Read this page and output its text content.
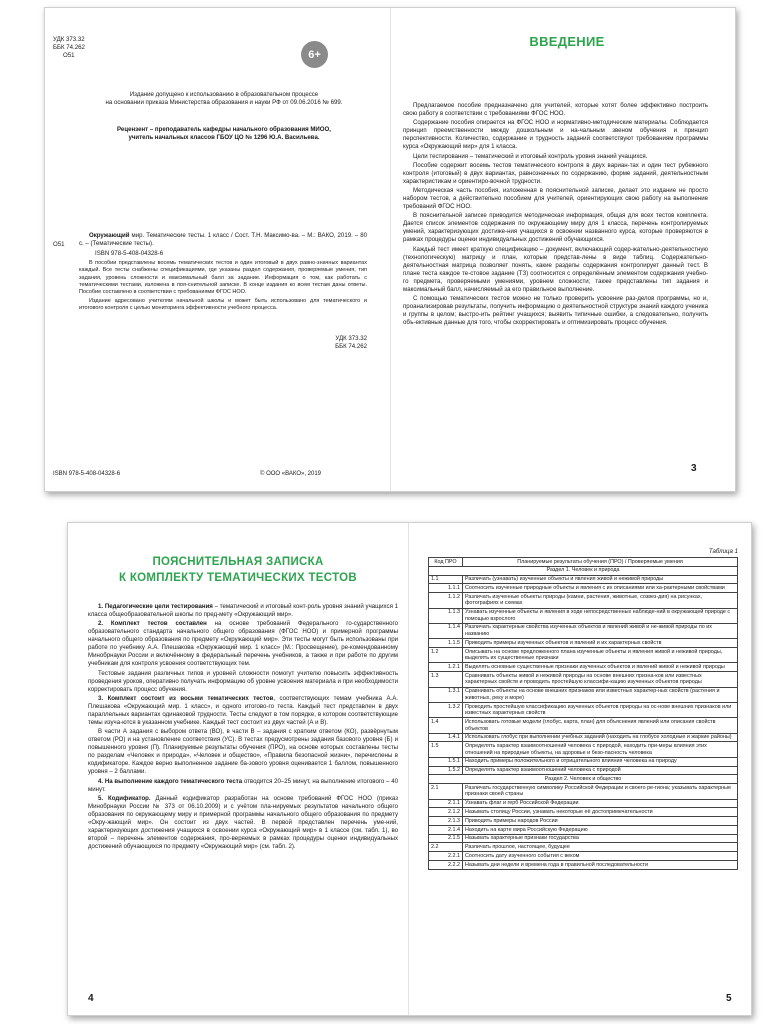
УДК 373.32
ББК 74.262
О51	6+
Издание допущено к использованию в образовательном процессе
на основании приказа Министерства образования и науки РФ от 09.06.2016 № 699.
Рецензент – преподаватель кафедры начального образования МИОО,
учитель начальных классов ГБОУ ЦО № 1296 Ю.А. Васильева.
О51

Окружающий мир. Тематические тесты. 1 класс / Сост. Т.Н. Максимо-ва. – М.: ВАКО, 2019. – 80 с. – (Тематические тесты).

ISBN 978-5-408-04328-6

В пособии представлены восемь тематических тестов и один итоговый в двух равно-значных вариантах каждый. Все тесты снабжены спецификациями, где указаны раздел содержания, проверяемые умения, тип задания, уровень сложности и максимальный балл за задание. Информация о том, как работать с тематическими тестами, изложена в поя-снительной записке. В конце издания ко всем тестам даны ответы. Пособие составлено в соответствии с требованиями ФГОС НОО.

Издание адресовано учителям начальной школы и может быть использовано для тематического и итогового контроля с целью мониторинга эффективности учебного процесса.

УДК 373.32
ББК 74.262
ISBN 978-5-408-04328-6	© ООО «ВАКО», 2019
ВВЕДЕНИЕ

Предлагаемое пособие предназначено для учителей, которые хотят более эффективно построить свою работу в соответствии с требованиями ФГОС НОО.

Содержание пособия опирается на ФГОС НОО и нормативно-методические материалы. Соблюдается принцип преемственности между дошкольным и на-чальным звеном обучения и принцип перспективности. Количество, содержание и трудность заданий соответствуют требованиям программы курса «Окружающий мир» для 1 класса.

Цели тестирования – тематический и итоговый контроль уровня знаний учащихся.

Пособие содержит восемь тестов тематического контроля в двух вариан-тах и один тест рубежного контроля (итоговый) в двух вариантах, равнозначных по содержанию, форме заданий, деятельностным характеристикам и ориентиро-вочной трудности.

Методическая часть пособия, изложенная в пояснительной записке, делает это издание не просто набором тестов, а действительно пособием для учителей, ориентирующих свою работу на выполнение требований ФГОС НОО.

В пояснительной записке приводится методическая информация, общая для всех тестов комплекта. Дается список элементов содержания по окружающему миру для 1 класса, перечень контролируемых умений, характеризующих достиже-ния учащихся в освоении названного курса, которые проверяются в рамках процедуры оценки индивидуальных достижений обучающихся.

Каждый тест имеет краткую спецификацию – документ, включающий содер-жательно-деятельностную (технологическую) матрицу и план, которые представ-лены в виде таблиц. Содержательно-деятельностная матрица позволяет понять, какие разделы содержания контролирует данный тест. В плане теста каждое те-стовое задание (ТЗ) соотносится с определённым элементом содержания учебно-го предмета, проверяемыми умениями, уровнем сложности; также представлены тип задания и максимальный балл, начисляемый за его правильное выполнение.

С помощью тематических тестов можно не только проверить усвоение раз-делов программы, но и, проанализировав результаты, получить информацию о деятельностной структуре знаний каждого ученика и группы в целом; выстро-ить рейтинг учащихся; выявить типичные ошибки, а следовательно, получить объ-ективные данные для того, чтобы скорректировать и оптимизировать процесс обучения.

3
ПОЯСНИТЕЛЬНАЯ ЗАПИСКА
К КОМПЛЕКТУ ТЕМАТИЧЕСКИХ ТЕСТОВ

1. Педагогические цели тестирования – тематический и итоговый конт-роль уровня знаний учащихся 1 класса общеобразовательной школы по пред-мету «Окружающий мир».

2. Комплект тестов составлен на основе требований Федерального го-сударственного образовательного стандарта начального общего образования (ФГОС НОО) и примерной программы начального общего образования по предмету «Окружающий мир». Эти тесты могут быть использованы при работе по учебнику А.А. Плешакова «Окружающий мир. 1 класс» (М.: Просвещение), ре-комендованному Минобрнауки России и включённому в федеральный перечень учебников, а также и при работе по другим учебникам для контроля усвоения соответствующих тем.

Тестовые задания различных типов и уровней сложности помогут учителю повысить эффективность проведения уроков, оперативно получать информацию об уровне усвоения материала и при необходимости корректировать процесс обучения.

3. Комплект состоит из восьми тематических тестов, соответствующих темам учебника А.А. Плешакова «Окружающий мир. 1 класс», и одного итогово-го теста. Каждый тест представлен в двух параллельных вариантах одинаковой трудности. Тесты следуют в том порядке, в котором соответствующие темы изуча-ются в указанном учебнике. Каждый тест состоит из двух частей (А и В).

В части А задания с выбором ответа (ВО), в части В – задания с кратким ответом (КО), развёрнутым ответом (РО) и на установление соответствия (УС). В тестах предусмотрены задания базового уровня (Б) и повышенного уровня (П). Планируемые результаты обучения (ПРО), на основе которых составлены тесты по разделам «Человек и природа», «Человек и общество», «Правила безопасной жизни», перечислены в кодификаторе. Каждое верно выполненное задание ба-зового уровня оценивается 1 баллом, повышенного уровня – 2 баллами.

4. На выполнение каждого тематического теста отводится 20–25 минут, на выполнение итогового – 40 минут.

5. Кодификатор. Данный кодификатор разработан на основе требований ФГОС НОО (приказ Минобрнауки России № 373 от 06.10.2009) и с учётом пла-нируемых результатов начального общего образования по окружающему миру и примерной программы начального общего образования по предмету «Окру-жающий мир». Он состоит из двух частей. В первой представлен перечень уме-ний, характеризующих достижения учащихся в освоении курса «Окружающий мир» в 1 классе (см. табл. 1), во второй – перечень элементов содержания, про-веряемых в рамках процедуры оценки индивидуальных достижений обучающихся по предмету «Окружающий мир» (см. табл. 2).

4
Таблица 1
Код ПРО	Планируемые результаты обучения (ПРО) / Проверяемые умения
Раздел 1. Человек и природа	
1.1	Различать (узнавать) изученные объекты и явления живой и неживой природы
1.1.1	Соотносить изученные природные объекты и явления с их описаниями или ха-рактерными свойствами
1.1.2	Различать изученные объекты природы (камни, растения, животные, созвез-дия) на рисунках, фотографиях и схемах
1.1.3	Узнавать изученные объекты и явления в ходе непосредственных наблюде-ний в окружающей природе с помощью взрослого
1.1.4	Различать характерные свойства изученных объектов и явлений живой и не-живой природы по их названию
1.1.5	Приводить примеры изученных объектов и явлений и их характерных свойств
1.2	Описывать на основе предложенного плана изученные объекты и явления живой и неживой природы, выделять их существенные признаки
1.2.1	Выделять основные существенные признаки изученных объектов и явлений живой и неживой природы
1.3	Сравнивать объекты живой и неживой природы на основе внешних призна-ков или известных характерных свойств и проводить простейшую классифи-кацию изученных объектов природы
1.3.1	Сравнивать объекты на основе внешних признаков или известных характер-ных свойств (растения и животных, реку и море)
1.3.2	Проводить простейшую классификацию изученных объектов природы на ос-нове внешних признаков или известных характерных свойств
1.4	Использовать готовые модели (глобус, карта, план) для объяснения явлений или описания свойств объектов
1.4.1	Использовать глобус при выполнении учебных заданий (находить на глобусе холодные и жаркие районы)
1.5	Определять характер взаимоотношений человека с природой, находить при-меры влияния этих отношений на природные объекты, на здоровье и безо-пасность человека
1.5.1	Находить примеры положительного и отрицательного влияния человека на природу
1.5.2	Определять характер взаимоотношений человека с природой
Раздел 2. Человек и общество	
2.1	Различать государственную символику Российской Федерации и своего ре-гиона; указывать характерные признаки своей страны
2.1.1	Узнавать флаг и герб Российской Федерации
2.1.2	Называть столицу России, узнавать некоторые её достопримечательности
2.1.3	Приводить примеры народов России
2.1.4	Находить на карте мира Российскую Федерацию
2.1.5	Называть характерные признаки государства
2.2	Различать прошлое, настоящее, будущее
2.2.1	Соотносить дату изученного события с веком
2.2.2	Называть дни недели и времена года в правильной последовательности
5
